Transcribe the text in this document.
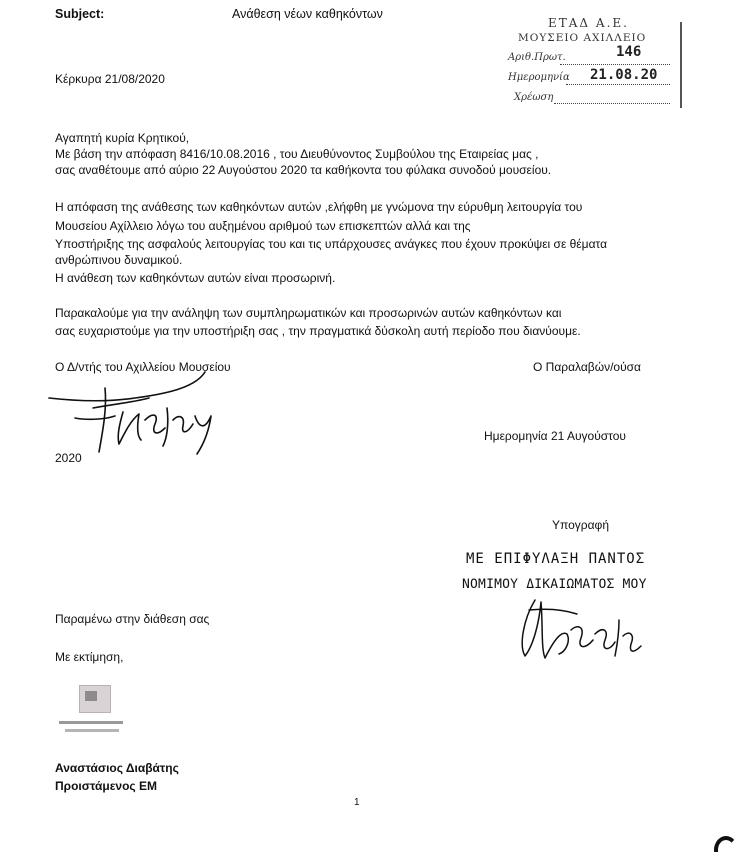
Subject:	Ανάθεση νέων καθηκόντων
ΕΤΑΔ Α.Ε.
ΜΟΥΣΕΙΟ ΑΧΙΛΛΕΙΟ
Αριθ.Πρωτ.	146
Ημερομηνία 21.08.20
Χρέωση
Κέρκυρα 21/08/2020
Αγαπητή κυρία Κρητικού,
Με βάση την απόφαση 8416/10.08.2016 , του Διευθύνοντος Συμβούλου της Εταιρείας μας ,
σας αναθέτουμε από αύριο 22 Αυγούστου 2020 τα καθήκοντα του φύλακα συνοδού μουσείου.
Η απόφαση της ανάθεσης των καθηκόντων αυτών ,ελήφθη με γνώμονα την εύρυθμη λειτουργία του
Μουσείου Αχίλλειο λόγω του αυξημένου αριθμού των επισκεπτών αλλά και της
Υποστήριξης της ασφαλούς λειτουργίας του και τις υπάρχουσες ανάγκες που έχουν προκύψει σε θέματα
ανθρώπινου δυναμικού.
Η ανάθεση των καθηκόντων αυτών είναι προσωρινή.
Παρακαλούμε για την ανάληψη των συμπληρωματικών και προσωρινών αυτών καθηκόντων και
σας ευχαριστούμε για την υποστήριξη σας , την πραγματικά δύσκολη αυτή περίοδο που διανύουμε.
Ο Δ/ντής του Αχιλλείου Μουσείου	Ο Παραλαβών/ούσα
2020
Ημερομηνία 21 Αυγούστου
Υπογραφή
ΜΕ ΕΠΙΦΥΛΑΞΗ ΠΑΝΤΟΣ
ΝΟΜΙΜΟΥ ΔΙΚΑΙΩΜΑΤΟΣ ΜΟΥ
Παραμένω στην διάθεση σας
Με εκτίμηση,
Αναστάσιος Διαβάτης
Προιστάμενος ΕΜ
1
